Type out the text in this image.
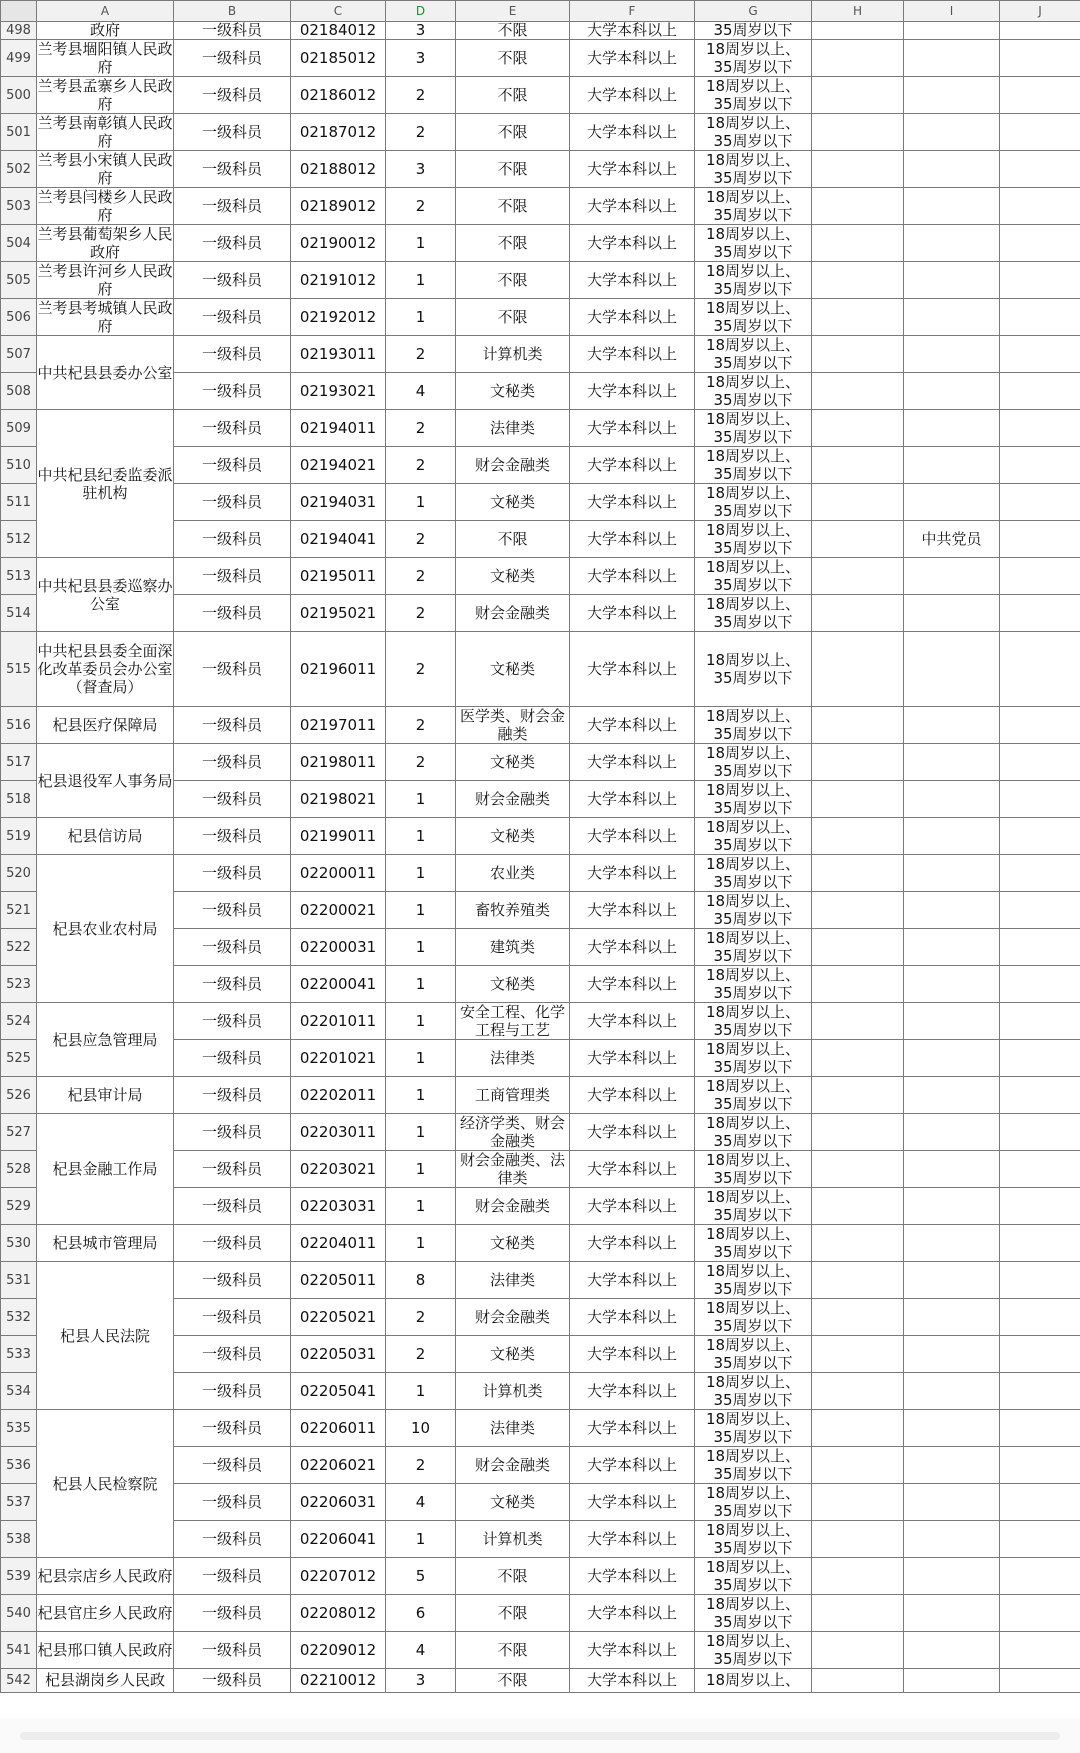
	A	B	C	D	E	F	G	H	I	J
498	政府	一级科员	02184012	3	不限	大学本科以上	35周岁以下			
499	兰考县堌阳镇人民政府	一级科员	02185012	3	不限	大学本科以上	18周岁以上、
35周岁以下			

500	兰考县孟寨乡人民政府	一级科员	02186012	2	不限	大学本科以上	18周岁以上、
35周岁以下			

501	兰考县南彰镇人民政府	一级科员	02187012	2	不限	大学本科以上	18周岁以上、
35周岁以下			

502	兰考县小宋镇人民政府	一级科员	02188012	3	不限	大学本科以上	18周岁以上、
35周岁以下			

503	兰考县闫楼乡人民政府	一级科员	02189012	2	不限	大学本科以上	18周岁以上、
35周岁以下			

504	兰考县葡萄架乡人民政府	一级科员	02190012	1	不限	大学本科以上	18周岁以上、
35周岁以下			

505	兰考县许河乡人民政府	一级科员	02191012	1	不限	大学本科以上	18周岁以上、
35周岁以下			

506	兰考县考城镇人民政府	一级科员	02192012	1	不限	大学本科以上	18周岁以上、
35周岁以下			

507	中共杞县县委办公室	一级科员	02193011	2	计算机类	大学本科以上	18周岁以上、
35周岁以下			

508		一级科员	02193021	4	文秘类	大学本科以上	18周岁以上、
35周岁以下			

509	中共杞县纪委监委派驻机构	一级科员	02194011	2	法律类	大学本科以上	18周岁以上、
35周岁以下			

510		一级科员	02194021	2	财会金融类	大学本科以上	18周岁以上、
35周岁以下			

511		一级科员	02194031	1	文秘类	大学本科以上	18周岁以上、
35周岁以下			

512		一级科员	02194041	2	不限	大学本科以上	18周岁以上、
35周岁以下		中共党员	
513	中共杞县县委巡察办公室	一级科员	02195011	2	文秘类	大学本科以上	18周岁以上、
35周岁以下			

514		一级科员	02195021	2	财会金融类	大学本科以上	18周岁以上、
35周岁以下			

515	中共杞县县委全面深化改革委员会办公室（督查局）	一级科员	02196011	2	文秘类	大学本科以上	18周岁以上、
35周岁以下			

516	杞县医疗保障局	一级科员	02197011	2	医学类、财会金融类	大学本科以上	18周岁以上、
35周岁以下			

517	杞县退役军人事务局	一级科员	02198011	2	文秘类	大学本科以上	18周岁以上、
35周岁以下			

518		一级科员	02198021	1	财会金融类	大学本科以上	18周岁以上、
35周岁以下			

519	杞县信访局	一级科员	02199011	1	文秘类	大学本科以上	18周岁以上、
35周岁以下			

520	杞县农业农村局	一级科员	02200011	1	农业类	大学本科以上	18周岁以上、
35周岁以下			

521		一级科员	02200021	1	畜牧养殖类	大学本科以上	18周岁以上、
35周岁以下			

522		一级科员	02200031	1	建筑类	大学本科以上	18周岁以上、
35周岁以下			

523		一级科员	02200041	1	文秘类	大学本科以上	18周岁以上、
35周岁以下			

524	杞县应急管理局	一级科员	02201011	1	安全工程、化学工程与工艺	大学本科以上	18周岁以上、
35周岁以下			

525		一级科员	02201021	1	法律类	大学本科以上	18周岁以上、
35周岁以下			

526	杞县审计局	一级科员	02202011	1	工商管理类	大学本科以上	18周岁以上、
35周岁以下			

527	杞县金融工作局	一级科员	02203011	1	经济学类、财会金融类	大学本科以上	18周岁以上、
35周岁以下			

528		一级科员	02203021	1	财会金融类、法律类	大学本科以上	18周岁以上、
35周岁以下			

529		一级科员	02203031	1	财会金融类	大学本科以上	18周岁以上、
35周岁以下			

530	杞县城市管理局	一级科员	02204011	1	文秘类	大学本科以上	18周岁以上、
35周岁以下			

531	杞县人民法院	一级科员	02205011	8	法律类	大学本科以上	18周岁以上、
35周岁以下			

532		一级科员	02205021	2	财会金融类	大学本科以上	18周岁以上、
35周岁以下			

533		一级科员	02205031	2	文秘类	大学本科以上	18周岁以上、
35周岁以下			

534		一级科员	02205041	1	计算机类	大学本科以上	18周岁以上、
35周岁以下			

535	杞县人民检察院	一级科员	02206011	10	法律类	大学本科以上	18周岁以上、
35周岁以下			

536		一级科员	02206021	2	财会金融类	大学本科以上	18周岁以上、
35周岁以下			

537		一级科员	02206031	4	文秘类	大学本科以上	18周岁以上、
35周岁以下			

538		一级科员	02206041	1	计算机类	大学本科以上	18周岁以上、
35周岁以下			

539	杞县宗店乡人民政府	一级科员	02207012	5	不限	大学本科以上	18周岁以上、
35周岁以下			

540	杞县官庄乡人民政府	一级科员	02208012	6	不限	大学本科以上	18周岁以上、
35周岁以下			

541	杞县邢口镇人民政府	一级科员	02209012	4	不限	大学本科以上	18周岁以上、
35周岁以下			

542	杞县湖岗乡人民政	一级科员	02210012	3	不限	大学本科以上	18周岁以上、			
